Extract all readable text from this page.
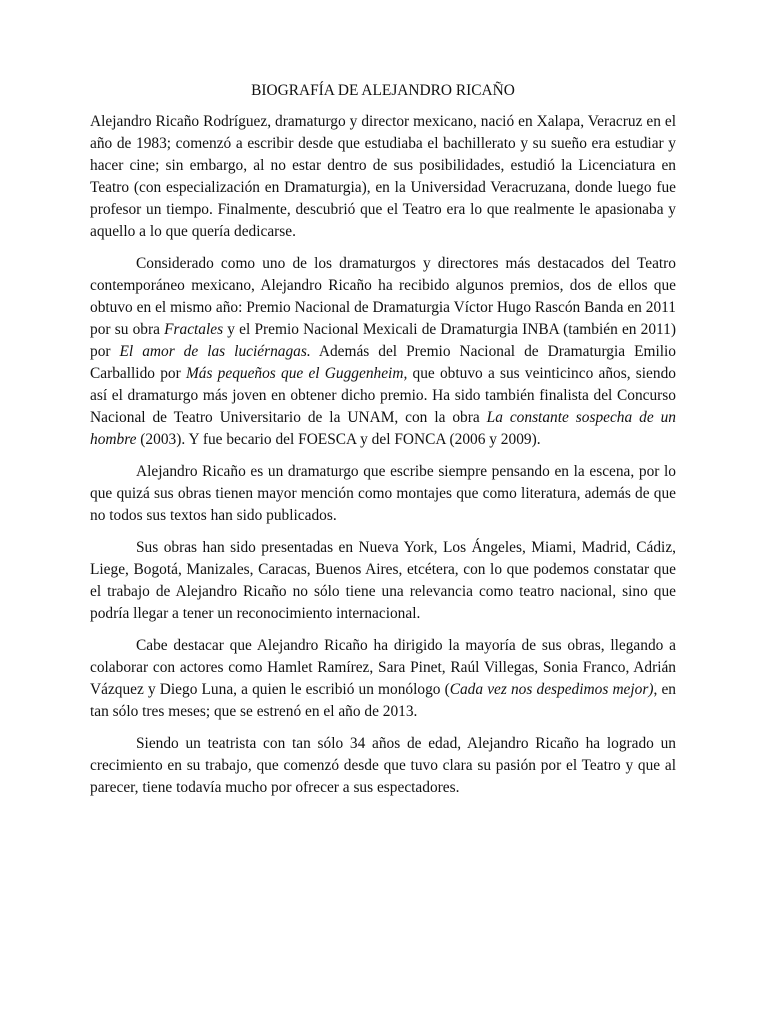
BIOGRAFÍA DE ALEJANDRO RICAÑO

Alejandro Ricaño Rodríguez, dramaturgo y director mexicano, nació en Xalapa, Veracruz en el año de 1983; comenzó a escribir desde que estudiaba el bachillerato y su sueño era estudiar y hacer cine; sin embargo, al no estar dentro de sus posibilidades, estudió la Licenciatura en Teatro (con especialización en Dramaturgia), en la Universidad Veracruzana, donde luego fue profesor un tiempo. Finalmente, descubrió que el Teatro era lo que realmente le apasionaba y aquello a lo que quería dedicarse.

Considerado como uno de los dramaturgos y directores más destacados del Teatro contemporáneo mexicano, Alejandro Ricaño ha recibido algunos premios, dos de ellos que obtuvo en el mismo año: Premio Nacional de Dramaturgia Víctor Hugo Rascón Banda en 2011 por su obra Fractales y el Premio Nacional Mexicali de Dramaturgia INBA (también en 2011) por El amor de las luciérnagas. Además del Premio Nacional de Dramaturgia Emilio Carballido por Más pequeños que el Guggenheim, que obtuvo a sus veinticinco años, siendo así el dramaturgo más joven en obtener dicho premio. Ha sido también finalista del Concurso Nacional de Teatro Universitario de la UNAM, con la obra La constante sospecha de un hombre (2003). Y fue becario del FOESCA y del FONCA (2006 y 2009).

Alejandro Ricaño es un dramaturgo que escribe siempre pensando en la escena, por lo que quizá sus obras tienen mayor mención como montajes que como literatura, además de que no todos sus textos han sido publicados.

Sus obras han sido presentadas en Nueva York, Los Ángeles, Miami, Madrid, Cádiz, Liege, Bogotá, Manizales, Caracas, Buenos Aires, etcétera, con lo que podemos constatar que el trabajo de Alejandro Ricaño no sólo tiene una relevancia como teatro nacional, sino que podría llegar a tener un reconocimiento internacional.

Cabe destacar que Alejandro Ricaño ha dirigido la mayoría de sus obras, llegando a colaborar con actores como Hamlet Ramírez, Sara Pinet, Raúl Villegas, Sonia Franco, Adrián Vázquez y Diego Luna, a quien le escribió un monólogo (Cada vez nos despedimos mejor), en tan sólo tres meses; que se estrenó en el año de 2013.

Siendo un teatrista con tan sólo 34 años de edad, Alejandro Ricaño ha logrado un crecimiento en su trabajo, que comenzó desde que tuvo clara su pasión por el Teatro y que al parecer, tiene todavía mucho por ofrecer a sus espectadores.
